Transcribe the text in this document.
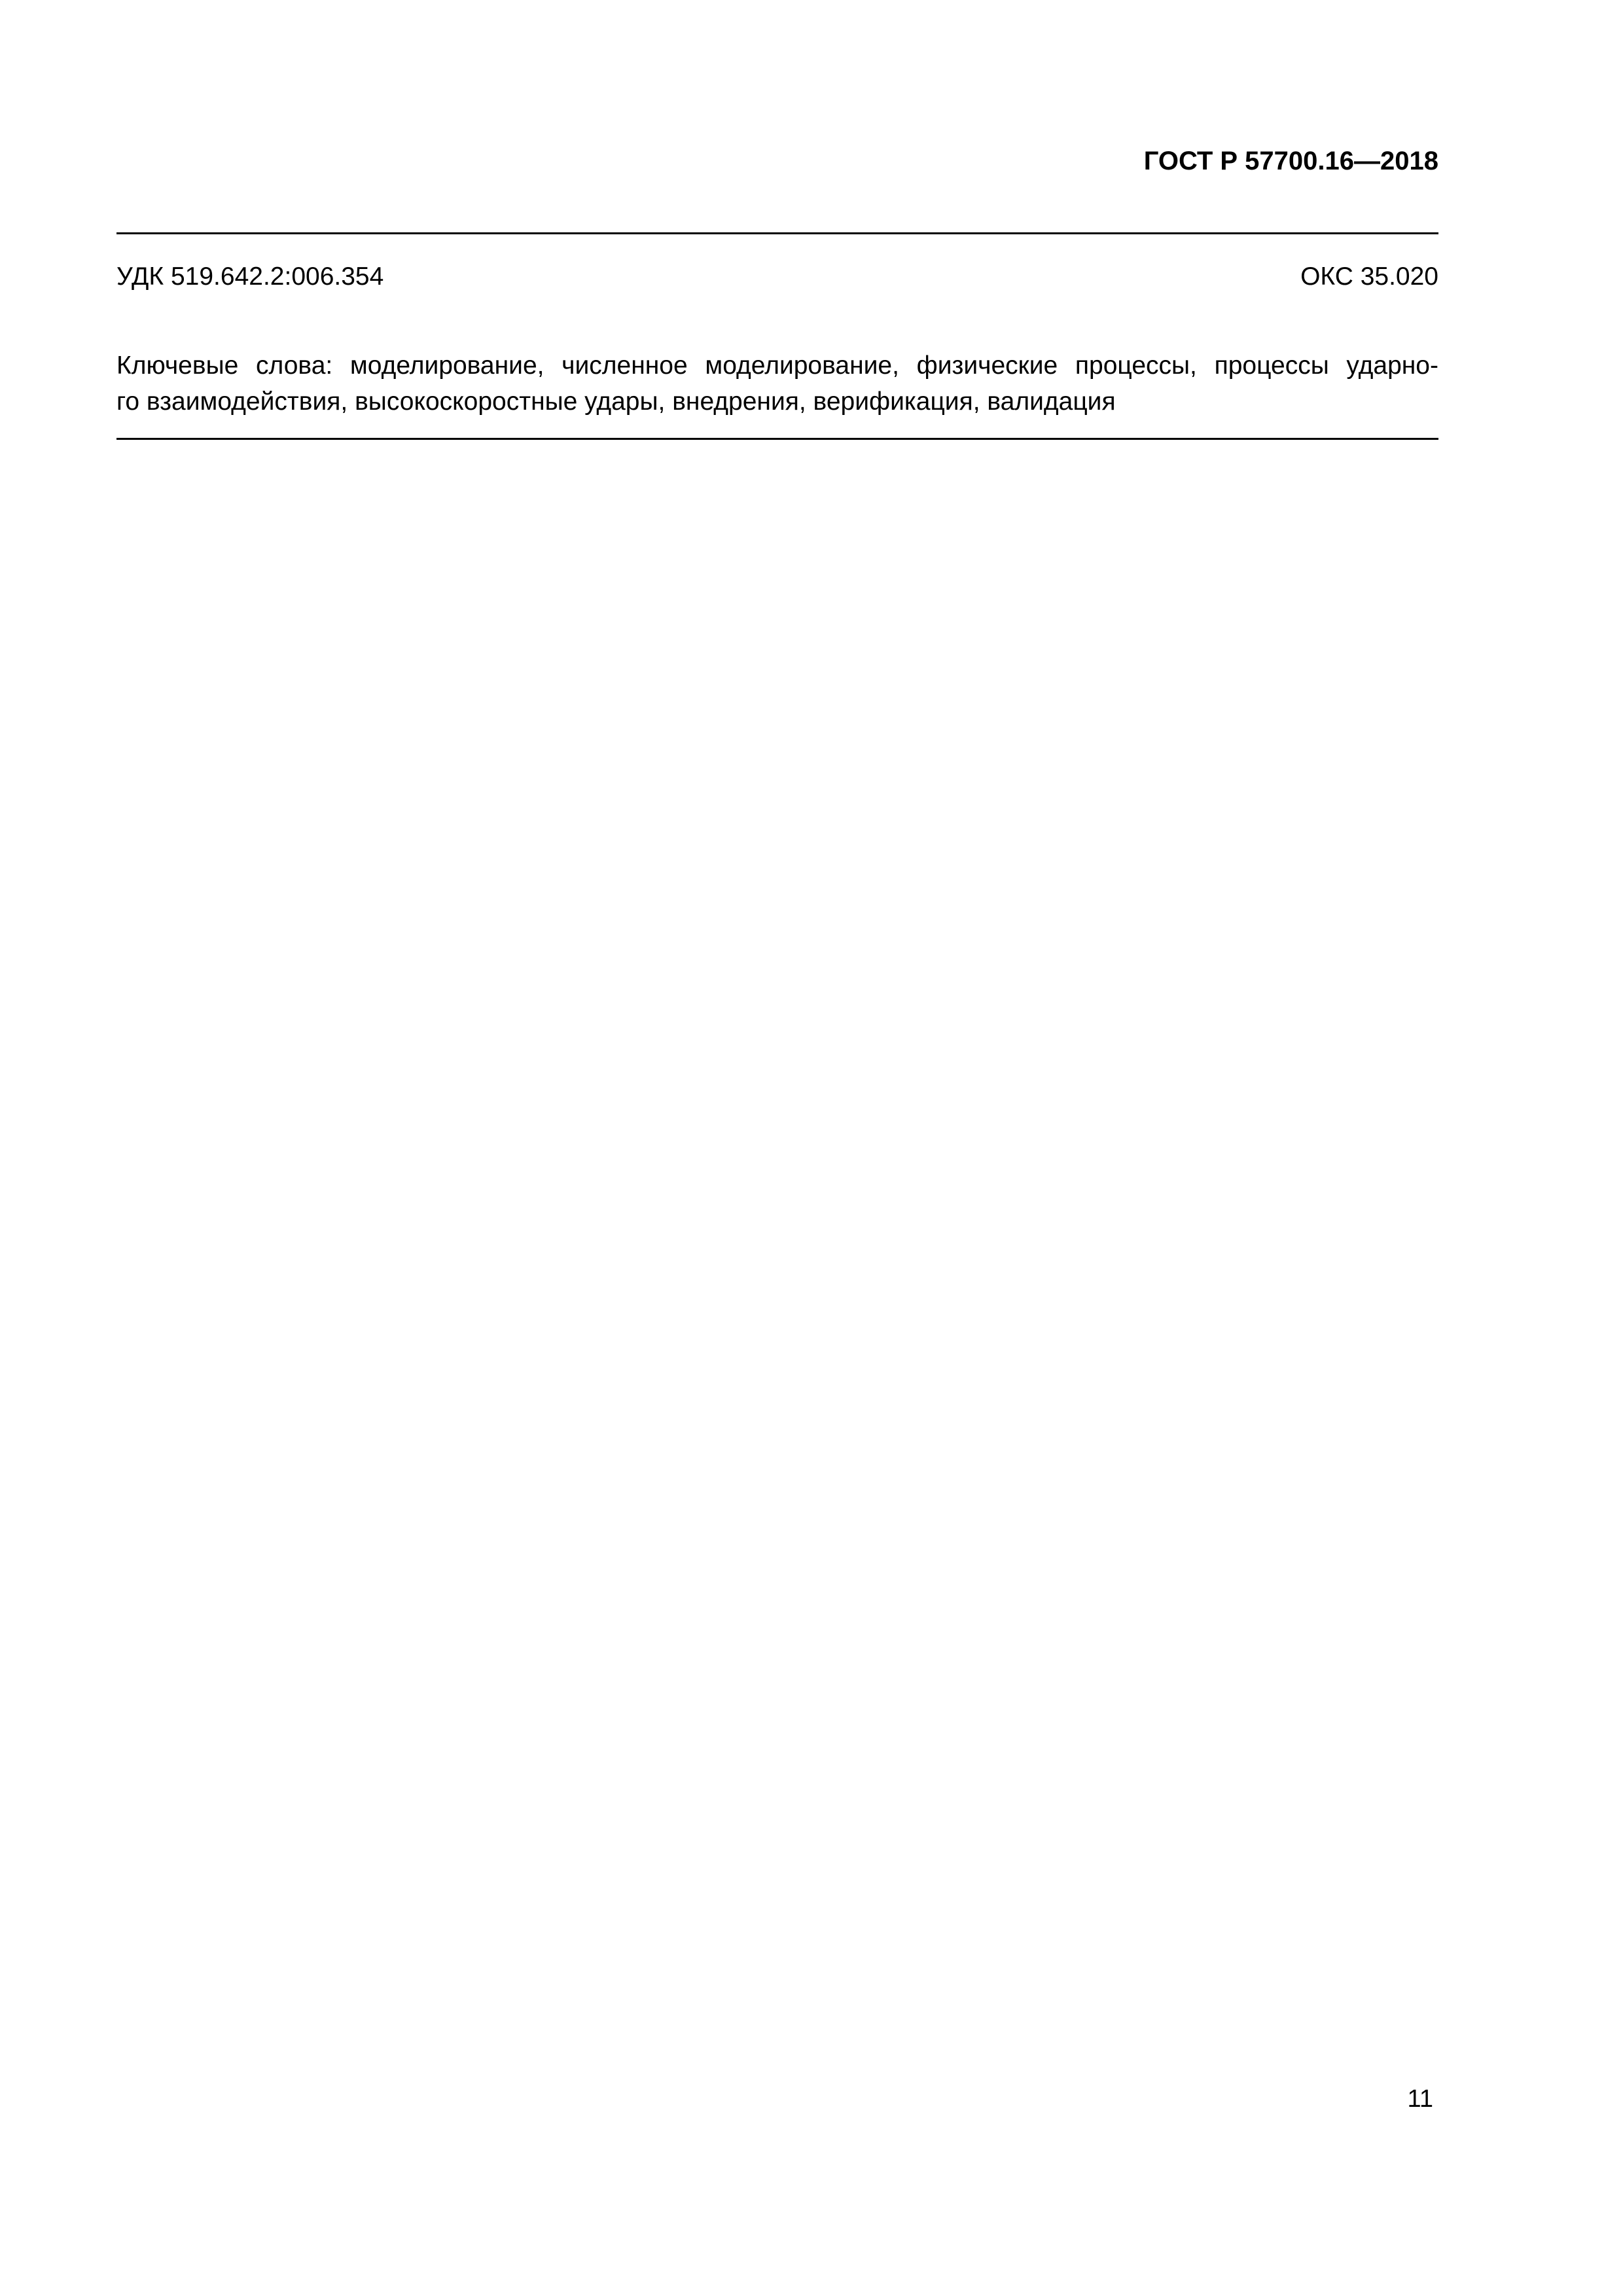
ГОСТ Р 57700.16—2018
УДК 519.642.2:006.354	ОКС 35.020
Ключевые слова: моделирование, численное моделирование, физические процессы, процессы ударно-
го взаимодействия, высокоскоростные удары, внедрения, верификация, валидация
11
